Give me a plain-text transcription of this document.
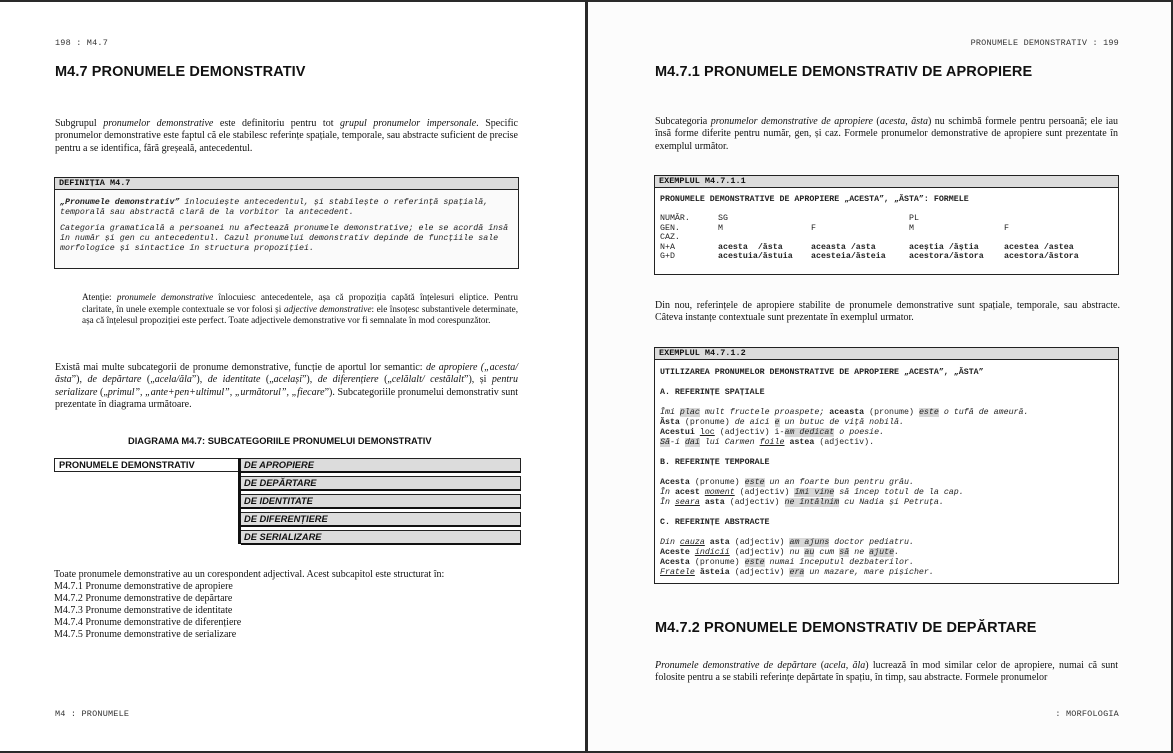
198 : M4.7
M4.7 PRONUMELE DEMONSTRATIV

Subgrupul pronumelor demonstrative este definitoriu pentru tot grupul pronumelor impersonale. Specific pronumelor demonstrative este faptul că ele stabilesc referințe spațiale, temporale, sau abstracte suficient de precise pentru a se identifica, fără greșeală, antecedentul.

DEFINIȚIA M4.7

„Pronumele demonstrativ” înlocuiește antecedentul, și stabilește o referință spațială, temporală sau abstractă clară de la vorbitor la antecedent.

Categoria gramaticală a persoanei nu afectează pronumele demonstrative; ele se acordă însă în număr și gen cu antecedentul. Cazul pronumelui demonstrativ depinde de funcțiile sale morfologice și sintactice în structura propoziției.

Atenție: pronumele demonstrative înlocuiesc antecedentele, așa că propoziția capătă înțelesuri eliptice. Pentru claritate, în unele exemple contextuale se vor folosi și adjective demonstrative: ele însoțesc substantivele determinate, așa că înțelesul propoziției este perfect. Toate adjectivele demonstrative vor fi semnalate în mod corespunzător.

Există mai multe subcategorii de pronume demonstrative, funcție de aportul lor semantic: de apropiere („acesta/ăsta”), de depărtare („acela/ăla”), de identitate („același”), de diferențiere („celălalt/ cestălalt”), și pentru serializare („primul”, „ante+pen+ultimul”, „următorul”, „fiecare”). Subcategoriile pronumelui demonstrativ sunt prezentate în diagrama următoare.

DIAGRAMA M4.7: SUBCATEGORIILE PRONUMELUI DEMONSTRATIV
PRONUMELE DEMONSTRATIV	DE APROPIERE
DE DEPĂRTARE
DE IDENTITATE
DE DIFERENȚIERE
DE SERIALIZARE
Toate pronumele demonstrative au un corespondent adjectival. Acest subcapitol este structurat în:
M4.7.1 Pronume demonstrative de apropiere
M4.7.2 Pronume demonstrative de depărtare
M4.7.3 Pronume demonstrative de identitate
M4.7.4 Pronume demonstrative de diferențiere
M4.7.5 Pronume demonstrative de serializare
M4 : PRONUMELE
PRONUMELE DEMONSTRATIV : 199
M4.7.1 PRONUMELE DEMONSTRATIV DE APROPIERE

Subcategoria pronumelor demonstrative de apropiere (acesta, ăsta) nu schimbă formele pentru persoană; ele iau însă forme diferite pentru număr, gen, și caz. Formele pronumelor demonstrative de apropiere sunt prezentate în exemplul următor.

EXEMPLUL M4.7.1.1

PRONUMELE DEMONSTRATIVE DE APROPIERE „ACESTA”, „ĂSTA”: FORMELE

NUMĂR.	SG		PL	
GEN.	M	F	M	F
CAZ.				
N+A	acesta  /ăsta	aceasta /asta	aceștia /ăștia	acestea /astea
G+D	acestuia/ăstuia	acesteia/ăsteia	acestora/ăstora	acestora/ăstora

Din nou, referințele de apropiere stabilite de pronumele demonstrative sunt spațiale, temporale, sau abstracte. Câteva instanțe contextuale sunt prezentate în exemplul urmator.

EXEMPLUL M4.7.1.2

UTILIZAREA PRONUMELOR DEMONSTRATIVE DE APROPIERE „ACESTA”, „ĂSTA”

A. REFERINȚE SPAȚIALE

Îmi plac mult fructele proaspete; aceasta (pronume) este o tufă de ameură.

Ăsta (pronume) de aici e un butuc de viță nobilă.

Acestui loc (adjectiv) i-am dedicat o poesie.

Să-i dai lui Carmen foile astea (adjectiv).

B. REFERINȚE TEMPORALE

Acesta (pronume) este un an foarte bun pentru grâu.

În acest moment (adjectiv) îmi vine să încep totul de la cap.

În seara asta (adjectiv) ne întâlnim cu Nadia și Petruța.

C. REFERINȚE ABSTRACTE

Din cauza asta (adjectiv) am ajuns doctor pediatru.

Aceste indicii (adjectiv) nu au cum să ne ajute.

Acesta (pronume) este numai începutul dezbaterilor.

Fratele ăsteia (adjectiv) era un mazare, mare pișicher.

M4.7.2 PRONUMELE DEMONSTRATIV DE DEPĂRTARE

Pronumele demonstrative de depărtare (acela, ăla) lucrează în mod similar celor de apropiere, numai că sunt folosite pentru a se stabili referințe depărtate în spațiu, în timp, sau abstracte. Formele pronumelor

: MORFOLOGIA
